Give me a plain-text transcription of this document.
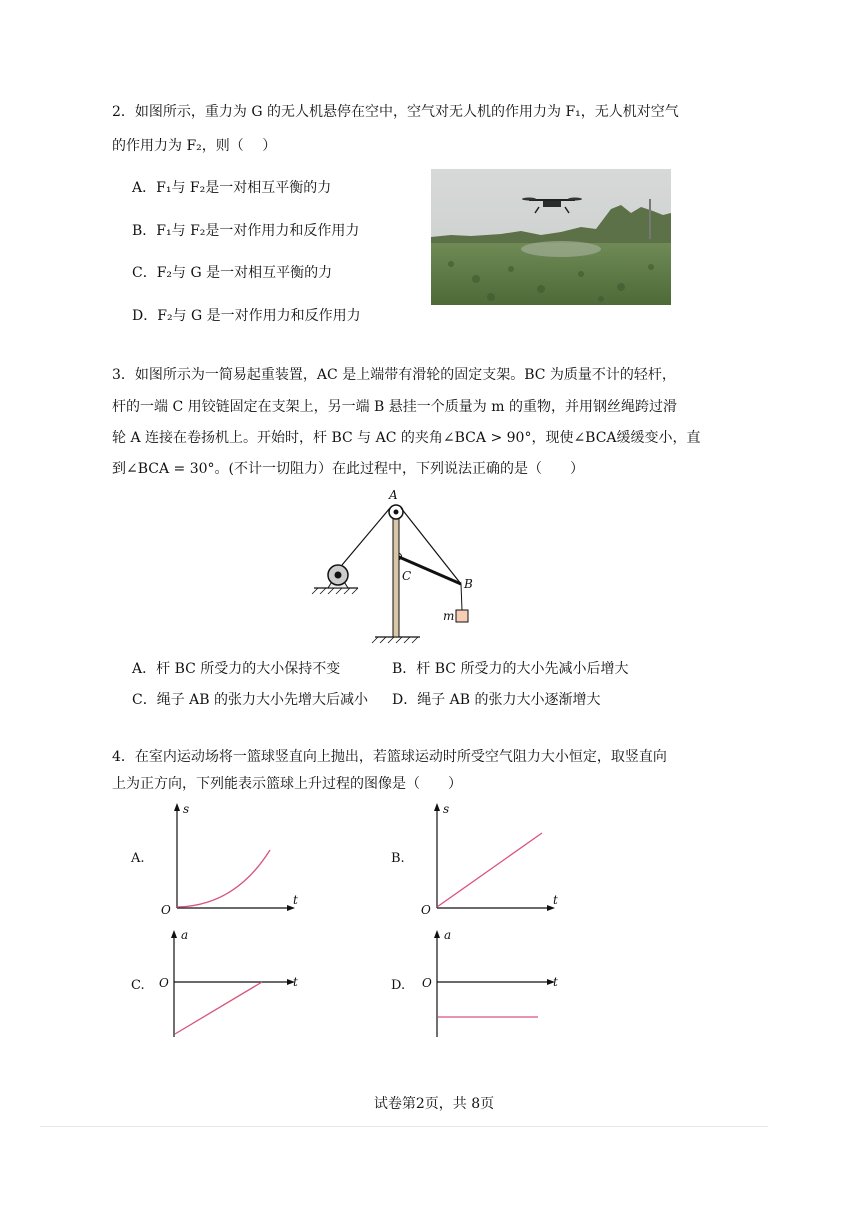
2．如图所示，重力为 G 的无人机悬停在空中，空气对无人机的作用力为 F₁，无人机对空气
的作用力为 F₂，则（　 ）
A．F₁与 F₂是一对相互平衡的力
B．F₁与 F₂是一对作用力和反作用力
C．F₂与 G 是一对相互平衡的力
D．F₂与 G 是一对作用力和反作用力
3．如图所示为一简易起重装置，AC 是上端带有滑轮的固定支架。BC 为质量不计的轻杆，
杆的一端 C 用铰链固定在支架上，另一端 B 悬挂一个质量为 m 的重物，并用钢丝绳跨过滑
轮 A 连接在卷扬机上。开始时，杆 BC 与 AC 的夹角∠BCA > 90°，现使∠BCA缓缓变小，直
到∠BCA = 30°。(不计一切阻力）在此过程中，下列说法正确的是（　　）
A
C
B
m
A．杆 BC 所受力的大小保持不变	B．杆 BC 所受力的大小先减小后增大
C．绳子 AB 的张力大小先增大后减小 D．绳子 AB 的张力大小逐渐增大
4．在室内运动场将一篮球竖直向上抛出，若篮球运动时所受空气阻力大小恒定，取竖直向
上为正方向，下列能表示篮球上升过程的图像是（　　）
A.
s
t
O
B.
s
t
O
C.
a
t
O	D.
a
t
O
试卷第2页，共 8页
